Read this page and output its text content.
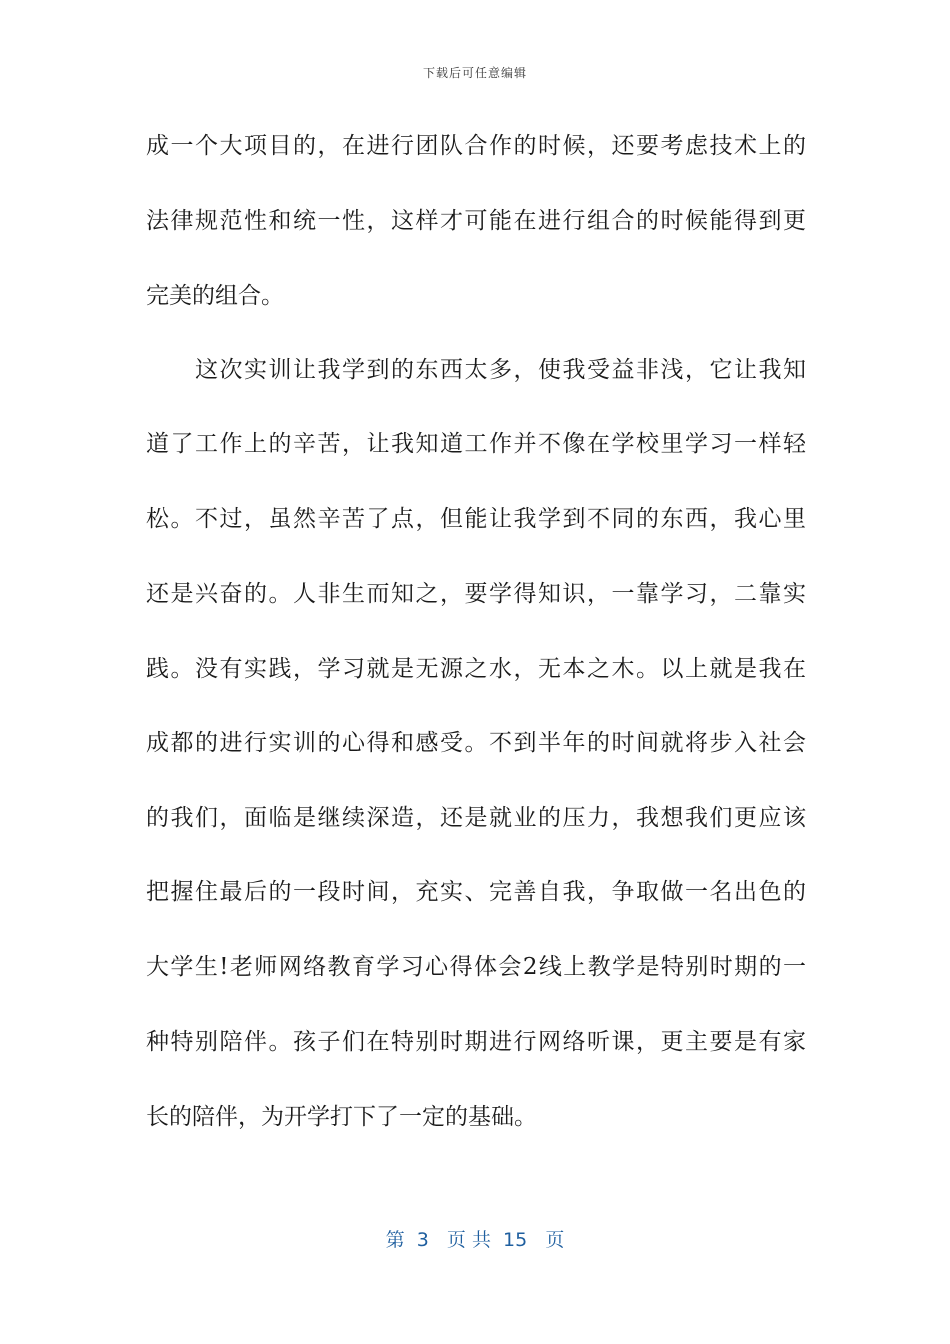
下载后可任意编辑
成一个大项目的，在进行团队合作的时候，还要考虑技术上的
法律规范性和统一性，这样才可能在进行组合的时候能得到更
完美的组合。
　　这次实训让我学到的东西太多，使我受益非浅，它让我知
道了工作上的辛苦，让我知道工作并不像在学校里学习一样轻
松。不过，虽然辛苦了点，但能让我学到不同的东西，我心里
还是兴奋的。人非生而知之，要学得知识，一靠学习，二靠实
践。没有实践，学习就是无源之水，无本之木。以上就是我在
成都的进行实训的心得和感受。不到半年的时间就将步入社会
的我们，面临是继续深造，还是就业的压力，我想我们更应该
把握住最后的一段时间，充实、完善自我，争取做一名出色的
大学生!老师网络教育学习心得体会2线上教学是特别时期的一
种特别陪伴。孩子们在特别时期进行网络听课，更主要是有家
长的陪伴，为开学打下了一定的基础。
第  3   页 共  15   页
